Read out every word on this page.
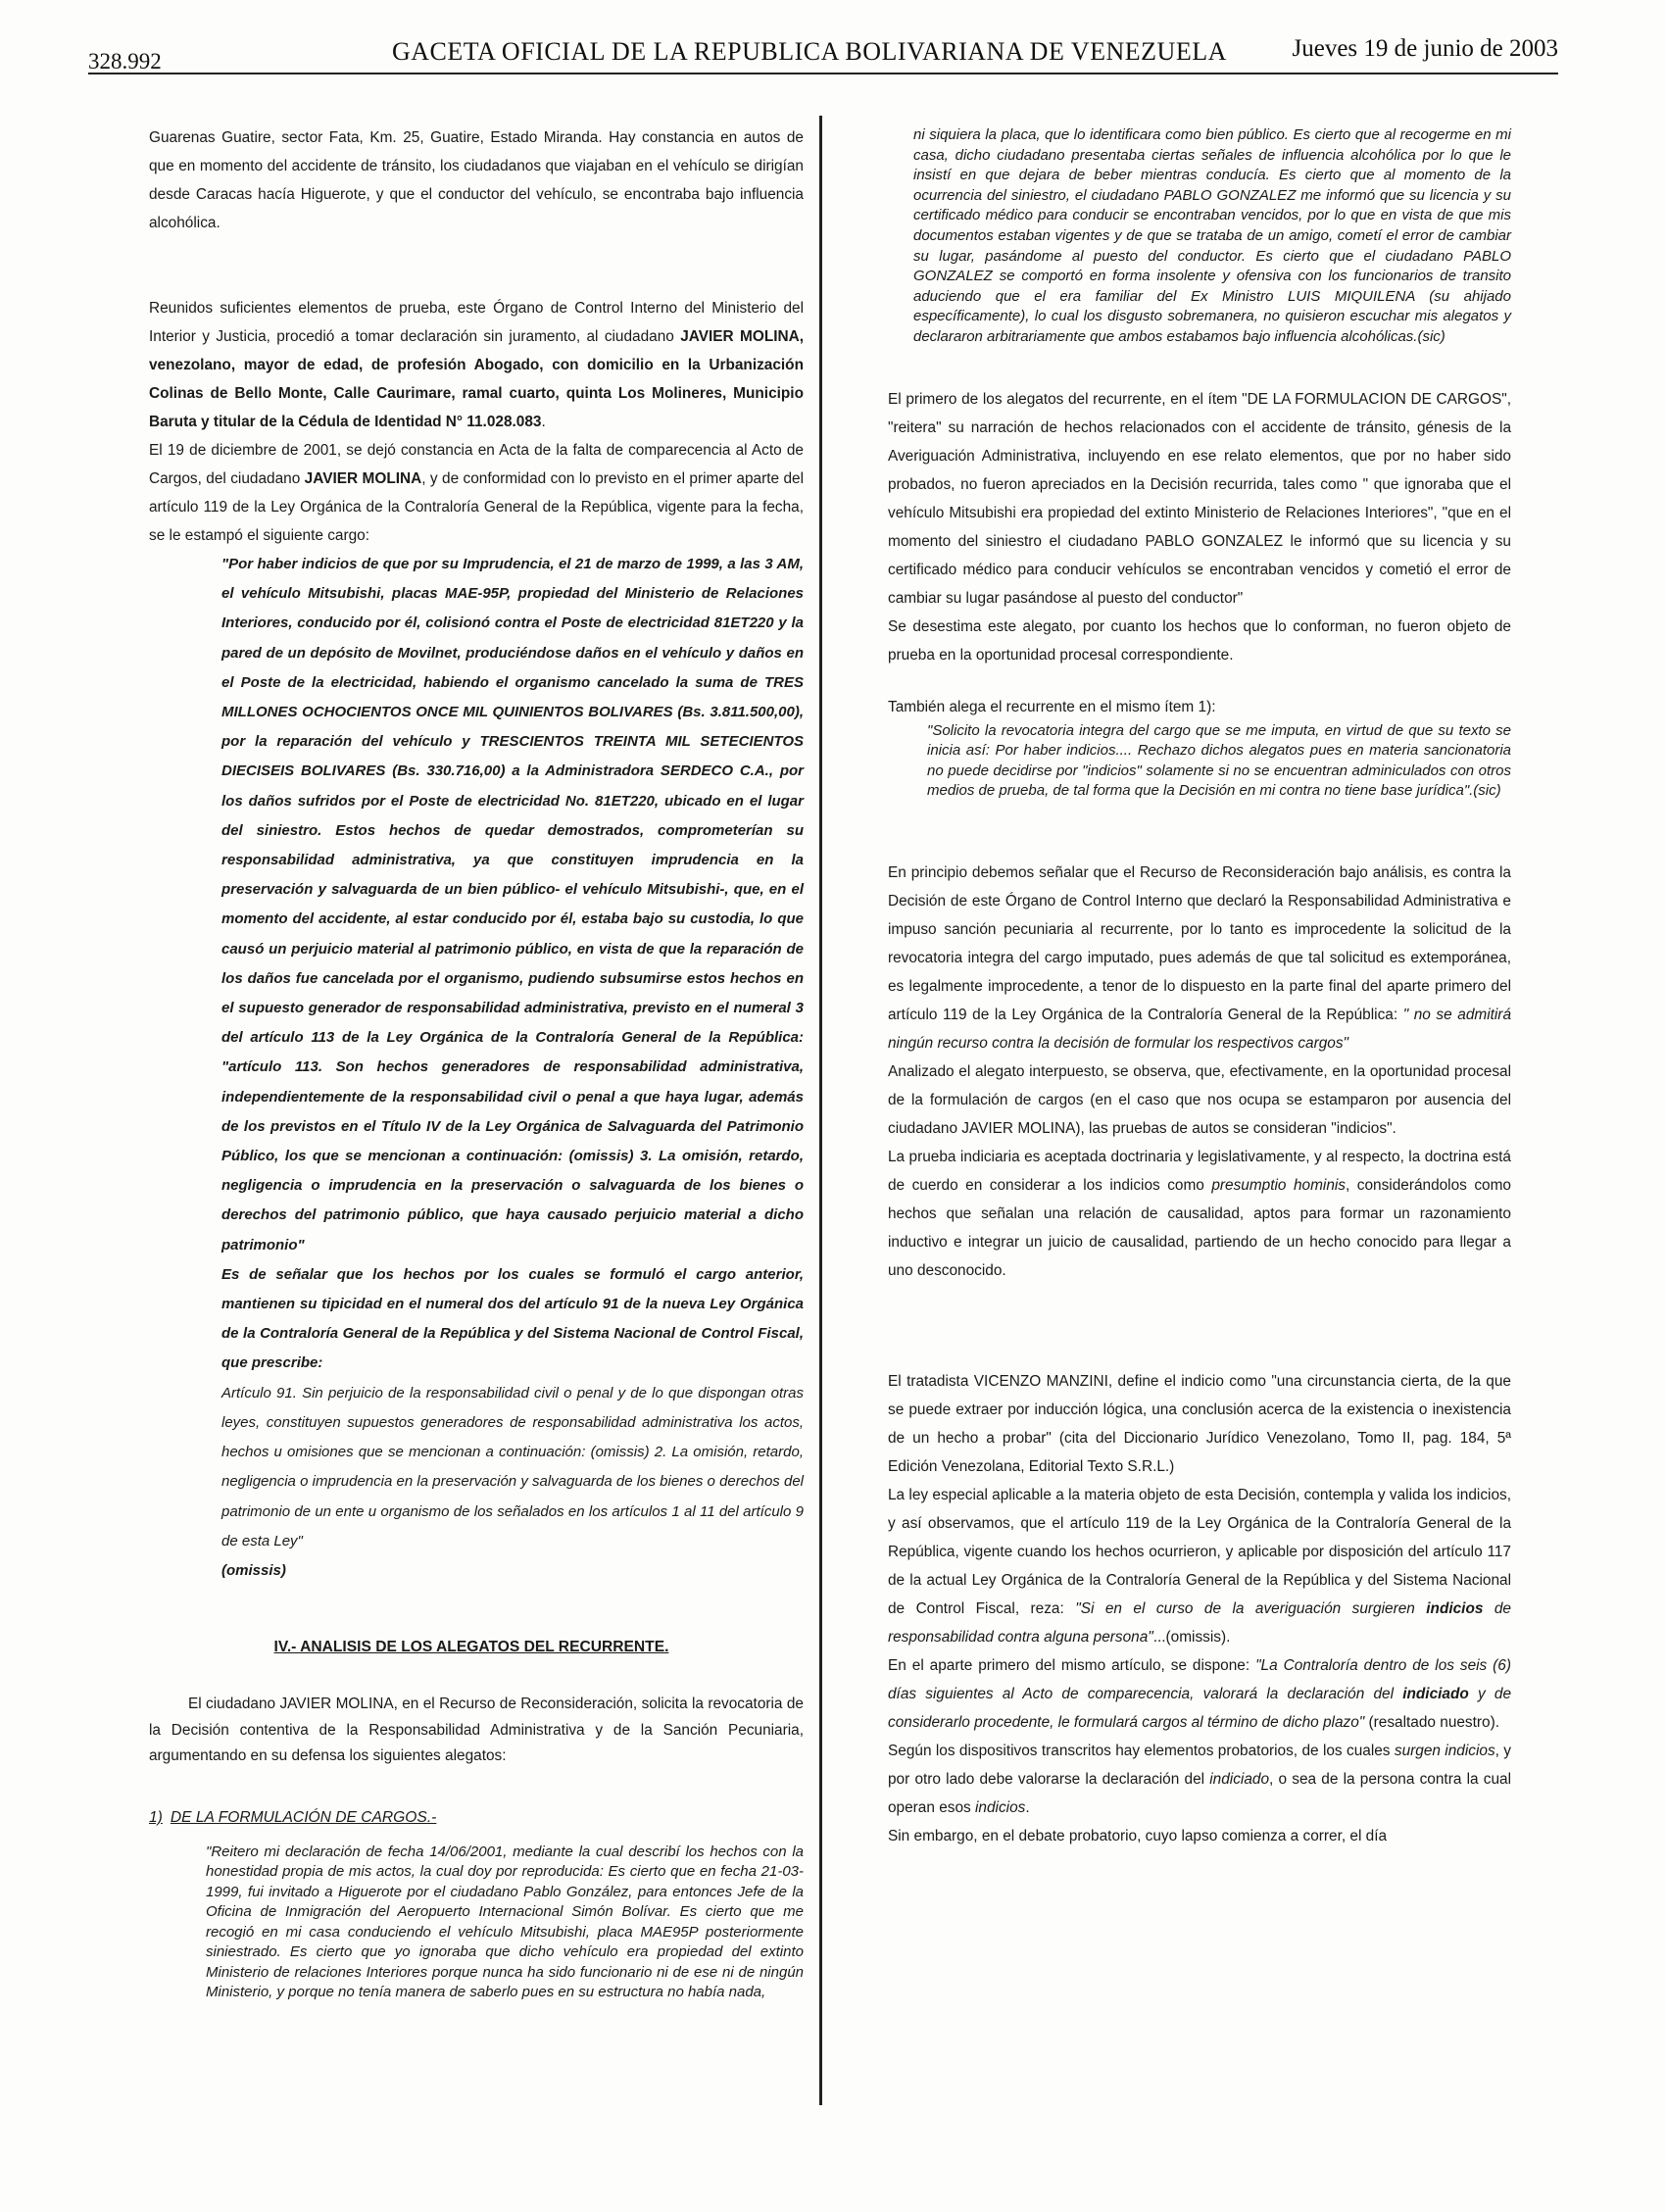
328.992	GACETA OFICIAL DE LA REPUBLICA BOLIVARIANA DE VENEZUELA	Jueves 19 de junio de 2003

Guarenas Guatire, sector Fata, Km. 25, Guatire, Estado Miranda. Hay constancia en autos de que en momento del accidente de tránsito, los ciudadanos que viajaban en el vehículo se dirigían desde Caracas hacía Higuerote, y que el conductor del vehículo, se encontraba bajo influencia alcohólica.

Reunidos suficientes elementos de prueba, este Órgano de Control Interno del Ministerio del Interior y Justicia, procedió a tomar declaración sin juramento, al ciudadano JAVIER MOLINA, venezolano, mayor de edad, de profesión Abogado, con domicilio en la Urbanización Colinas de Bello Monte, Calle Caurimare, ramal cuarto, quinta Los Molineres, Municipio Baruta y titular de la Cédula de Identidad N° 11.028.083.

El 19 de diciembre de 2001, se dejó constancia en Acta de la falta de comparecencia al Acto de Cargos, del ciudadano JAVIER MOLINA, y de conformidad con lo previsto en el primer aparte del artículo 119 de la Ley Orgánica de la Contraloría General de la República, vigente para la fecha, se le estampó el siguiente cargo:

"Por haber indicios de que por su Imprudencia, el 21 de marzo de 1999, a las 3 AM, el vehículo Mitsubishi, placas MAE-95P, propiedad del Ministerio de Relaciones Interiores, conducido por él, colisionó contra el Poste de electricidad 81ET220 y la pared de un depósito de Movilnet, produciéndose daños en el vehículo y daños en el Poste de la electricidad, habiendo el organismo cancelado la suma de TRES MILLONES OCHOCIENTOS ONCE MIL QUINIENTOS BOLIVARES (Bs. 3.811.500,00), por la reparación del vehículo y TRESCIENTOS TREINTA MIL SETECIENTOS DIECISEIS BOLIVARES (Bs. 330.716,00) a la Administradora SERDECO C.A., por los daños sufridos por el Poste de electricidad No. 81ET220, ubicado en el lugar del siniestro. Estos hechos de quedar demostrados, comprometerían su responsabilidad administrativa, ya que constituyen imprudencia en la preservación y salvaguarda de un bien público- el vehículo Mitsubishi-, que, en el momento del accidente, al estar conducido por él, estaba bajo su custodia, lo que causó un perjuicio material al patrimonio público, en vista de que la reparación de los daños fue cancelada por el organismo, pudiendo subsumirse estos hechos en el supuesto generador de responsabilidad administrativa, previsto en el numeral 3 del artículo 113 de la Ley Orgánica de la Contraloría General de la República: "artículo 113. Son hechos generadores de responsabilidad administrativa, independientemente de la responsabilidad civil o penal a que haya lugar, además de los previstos en el Título IV de la Ley Orgánica de Salvaguarda del Patrimonio Público, los que se mencionan a continuación: (omissis) 3. La omisión, retardo, negligencia o imprudencia en la preservación o salvaguarda de los bienes o derechos del patrimonio público, que haya causado perjuicio material a dicho patrimonio"

Es de señalar que los hechos por los cuales se formuló el cargo anterior, mantienen su tipicidad en el numeral dos del artículo 91 de la nueva Ley Orgánica de la Contraloría General de la República y del Sistema Nacional de Control Fiscal, que prescribe:

Artículo 91. Sin perjuicio de la responsabilidad civil o penal y de lo que dispongan otras leyes, constituyen supuestos generadores de responsabilidad administrativa los actos, hechos u omisiones que se mencionan a continuación: (omissis) 2. La omisión, retardo, negligencia o imprudencia en la preservación y salvaguarda de los bienes o derechos del patrimonio de un ente u organismo de los señalados en los artículos 1 al 11 del artículo 9 de esta Ley"

(omissis)

IV.- ANALISIS DE LOS ALEGATOS DEL RECURRENTE.

El ciudadano JAVIER MOLINA, en el Recurso de Reconsideración, solicita la revocatoria de la Decisión contentiva de la Responsabilidad Administrativa y de la Sanción Pecuniaria, argumentando en su defensa los siguientes alegatos:

1) DE LA FORMULACIÓN DE CARGOS.-

"Reitero mi declaración de fecha 14/06/2001, mediante la cual describí los hechos con la honestidad propia de mis actos, la cual doy por reproducida: Es cierto que en fecha 21-03-1999, fui invitado a Higuerote por el ciudadano Pablo González, para entonces Jefe de la Oficina de Inmigración del Aeropuerto Internacional Simón Bolívar. Es cierto que me recogió en mi casa conduciendo el vehículo Mitsubishi, placa MAE95P posteriormente siniestrado. Es cierto que yo ignoraba que dicho vehículo era propiedad del extinto Ministerio de relaciones Interiores porque nunca ha sido funcionario ni de ese ni de ningún Ministerio, y porque no tenía manera de saberlo pues en su estructura no había nada,

ni siquiera la placa, que lo identificara como bien público. Es cierto que al recogerme en mi casa, dicho ciudadano presentaba ciertas señales de influencia alcohólica por lo que le insistí en que dejara de beber mientras conducía. Es cierto que al momento de la ocurrencia del siniestro, el ciudadano PABLO GONZALEZ me informó que su licencia y su certificado médico para conducir se encontraban vencidos, por lo que en vista de que mis documentos estaban vigentes y de que se trataba de un amigo, cometí el error de cambiar su lugar, pasándome al puesto del conductor. Es cierto que el ciudadano PABLO GONZALEZ se comportó en forma insolente y ofensiva con los funcionarios de transito aduciendo que el era familiar del Ex Ministro LUIS MIQUILENA (su ahijado específicamente), lo cual los disgusto sobremanera, no quisieron escuchar mis alegatos y declararon arbitrariamente que ambos estabamos bajo influencia alcohólicas.(sic)

El primero de los alegatos del recurrente, en el ítem "DE LA FORMULACION DE CARGOS", "reitera" su narración de hechos relacionados con el accidente de tránsito, génesis de la Averiguación Administrativa, incluyendo en ese relato elementos, que por no haber sido probados, no fueron apreciados en la Decisión recurrida, tales como " que ignoraba que el vehículo Mitsubishi era propiedad del extinto Ministerio de Relaciones Interiores", "que en el momento del siniestro el ciudadano PABLO GONZALEZ le informó que su licencia y su certificado médico para conducir vehículos se encontraban vencidos y cometió el error de cambiar su lugar pasándose al puesto del conductor"

Se desestima este alegato, por cuanto los hechos que lo conforman, no fueron objeto de prueba en la oportunidad procesal correspondiente.

También alega el recurrente en el mismo ítem 1):

"Solicito la revocatoria integra del cargo que se me imputa, en virtud de que su texto se inicia así: Por haber indicios.... Rechazo dichos alegatos pues en materia sancionatoria no puede decidirse por "indicios" solamente si no se encuentran adminiculados con otros medios de prueba, de tal forma que la Decisión en mi contra no tiene base jurídica".(sic)

En principio debemos señalar que el Recurso de Reconsideración bajo análisis, es contra la Decisión de este Órgano de Control Interno que declaró la Responsabilidad Administrativa e impuso sanción pecuniaria al recurrente, por lo tanto es improcedente la solicitud de la revocatoria integra del cargo imputado, pues además de que tal solicitud es extemporánea, es legalmente improcedente, a tenor de lo dispuesto en la parte final del aparte primero del artículo 119 de la Ley Orgánica de la Contraloría General de la República: " no se admitirá ningún recurso contra la decisión de formular los respectivos cargos"

Analizado el alegato interpuesto, se observa, que, efectivamente, en la oportunidad procesal de la formulación de cargos (en el caso que nos ocupa se estamparon por ausencia del ciudadano JAVIER MOLINA), las pruebas de autos se consideran "indicios".

La prueba indiciaria es aceptada doctrinaria y legislativamente, y al respecto, la doctrina está de cuerdo en considerar a los indicios como presumptio hominis, considerándolos como hechos que señalan una relación de causalidad, aptos para formar un razonamiento inductivo e integrar un juicio de causalidad, partiendo de un hecho conocido para llegar a uno desconocido.

El tratadista VICENZO MANZINI, define el indicio como "una circunstancia cierta, de la que se puede extraer por inducción lógica, una conclusión acerca de la existencia o inexistencia de un hecho a probar" (cita del Diccionario Jurídico Venezolano, Tomo II, pag. 184, 5ª Edición Venezolana, Editorial Texto S.R.L.)

La ley especial aplicable a la materia objeto de esta Decisión, contempla y valida los indicios, y así observamos, que el artículo 119 de la Ley Orgánica de la Contraloría General de la República, vigente cuando los hechos ocurrieron, y aplicable por disposición del artículo 117 de la actual Ley Orgánica de la Contraloría General de la República y del Sistema Nacional de Control Fiscal, reza: "Si en el curso de la averiguación surgieren indicios de responsabilidad contra alguna persona"...(omissis).

En el aparte primero del mismo artículo, se dispone: "La Contraloría dentro de los seis (6) días siguientes al Acto de comparecencia, valorará la declaración del indiciado y de considerarlo procedente, le formulará cargos al término de dicho plazo" (resaltado nuestro).

Según los dispositivos transcritos hay elementos probatorios, de los cuales surgen indicios, y por otro lado debe valorarse la declaración del indiciado, o sea de la persona contra la cual operan esos indicios.

Sin embargo, en el debate probatorio, cuyo lapso comienza a correr, el día
